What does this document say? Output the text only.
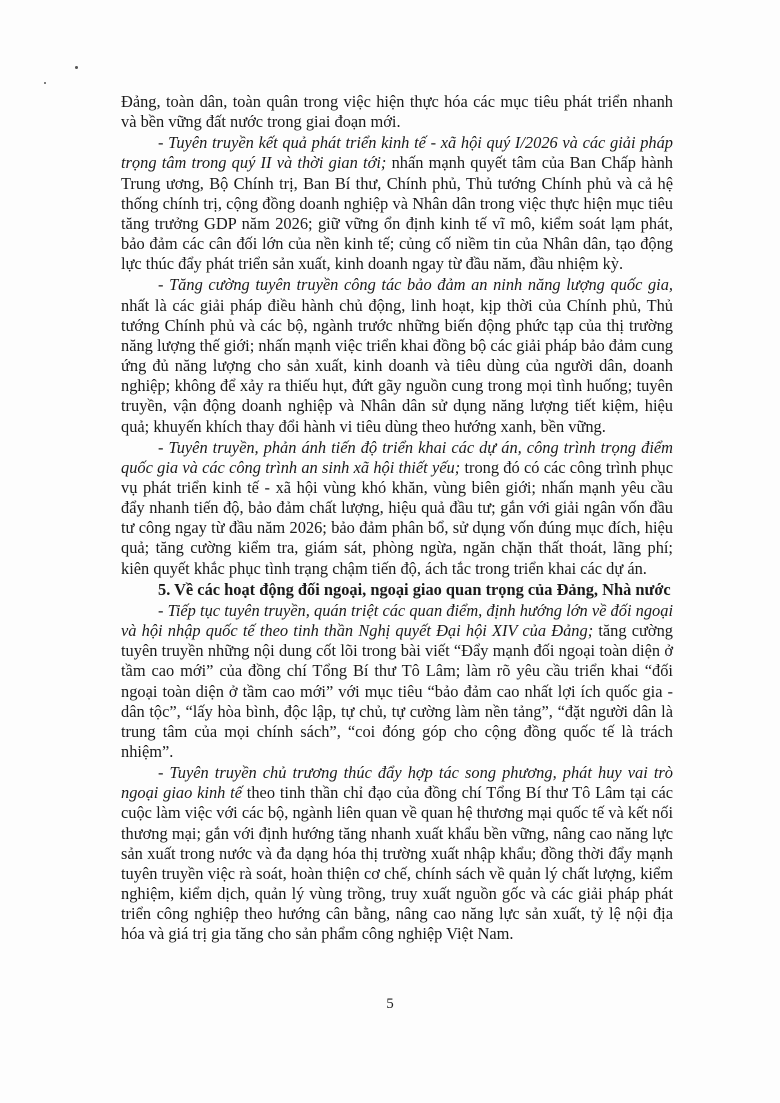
Đảng, toàn dân, toàn quân trong việc hiện thực hóa các mục tiêu phát triển nhanh và bền vững đất nước trong giai đoạn mới.

- Tuyên truyền kết quả phát triển kinh tế - xã hội quý I/2026 và các giải pháp trọng tâm trong quý II và thời gian tới; nhấn mạnh quyết tâm của Ban Chấp hành Trung ương, Bộ Chính trị, Ban Bí thư, Chính phủ, Thủ tướng Chính phủ và cả hệ thống chính trị, cộng đồng doanh nghiệp và Nhân dân trong việc thực hiện mục tiêu tăng trưởng GDP năm 2026; giữ vững ổn định kinh tế vĩ mô, kiểm soát lạm phát, bảo đảm các cân đối lớn của nền kinh tế; củng cố niềm tin của Nhân dân, tạo động lực thúc đẩy phát triển sản xuất, kinh doanh ngay từ đầu năm, đầu nhiệm kỳ.

- Tăng cường tuyên truyền công tác bảo đảm an ninh năng lượng quốc gia, nhất là các giải pháp điều hành chủ động, linh hoạt, kịp thời của Chính phủ, Thủ tướng Chính phủ và các bộ, ngành trước những biến động phức tạp của thị trường năng lượng thế giới; nhấn mạnh việc triển khai đồng bộ các giải pháp bảo đảm cung ứng đủ năng lượng cho sản xuất, kinh doanh và tiêu dùng của người dân, doanh nghiệp; không để xảy ra thiếu hụt, đứt gãy nguồn cung trong mọi tình huống; tuyên truyền, vận động doanh nghiệp và Nhân dân sử dụng năng lượng tiết kiệm, hiệu quả; khuyến khích thay đổi hành vi tiêu dùng theo hướng xanh, bền vững.

- Tuyên truyền, phản ánh tiến độ triển khai các dự án, công trình trọng điểm quốc gia và các công trình an sinh xã hội thiết yếu; trong đó có các công trình phục vụ phát triển kinh tế - xã hội vùng khó khăn, vùng biên giới; nhấn mạnh yêu cầu đẩy nhanh tiến độ, bảo đảm chất lượng, hiệu quả đầu tư; gắn với giải ngân vốn đầu tư công ngay từ đầu năm 2026; bảo đảm phân bổ, sử dụng vốn đúng mục đích, hiệu quả; tăng cường kiểm tra, giám sát, phòng ngừa, ngăn chặn thất thoát, lãng phí; kiên quyết khắc phục tình trạng chậm tiến độ, ách tắc trong triển khai các dự án.

5. Về các hoạt động đối ngoại, ngoại giao quan trọng của Đảng, Nhà nước

- Tiếp tục tuyên truyền, quán triệt các quan điểm, định hướng lớn về đối ngoại và hội nhập quốc tế theo tinh thần Nghị quyết Đại hội XIV của Đảng; tăng cường tuyên truyền những nội dung cốt lõi trong bài viết “Đẩy mạnh đối ngoại toàn diện ở tầm cao mới” của đồng chí Tổng Bí thư Tô Lâm; làm rõ yêu cầu triển khai “đối ngoại toàn diện ở tầm cao mới” với mục tiêu “bảo đảm cao nhất lợi ích quốc gia - dân tộc”, “lấy hòa bình, độc lập, tự chủ, tự cường làm nền tảng”, “đặt người dân là trung tâm của mọi chính sách”, “coi đóng góp cho cộng đồng quốc tế là trách nhiệm”.

- Tuyên truyền chủ trương thúc đẩy hợp tác song phương, phát huy vai trò ngoại giao kinh tế theo tinh thần chỉ đạo của đồng chí Tổng Bí thư Tô Lâm tại các cuộc làm việc với các bộ, ngành liên quan về quan hệ thương mại quốc tế và kết nối thương mại; gắn với định hướng tăng nhanh xuất khẩu bền vững, nâng cao năng lực sản xuất trong nước và đa dạng hóa thị trường xuất nhập khẩu; đồng thời đẩy mạnh tuyên truyền việc rà soát, hoàn thiện cơ chế, chính sách về quản lý chất lượng, kiểm nghiệm, kiểm dịch, quản lý vùng trồng, truy xuất nguồn gốc và các giải pháp phát triển công nghiệp theo hướng cân bằng, nâng cao năng lực sản xuất, tỷ lệ nội địa hóa và giá trị gia tăng cho sản phẩm công nghiệp Việt Nam.

5
